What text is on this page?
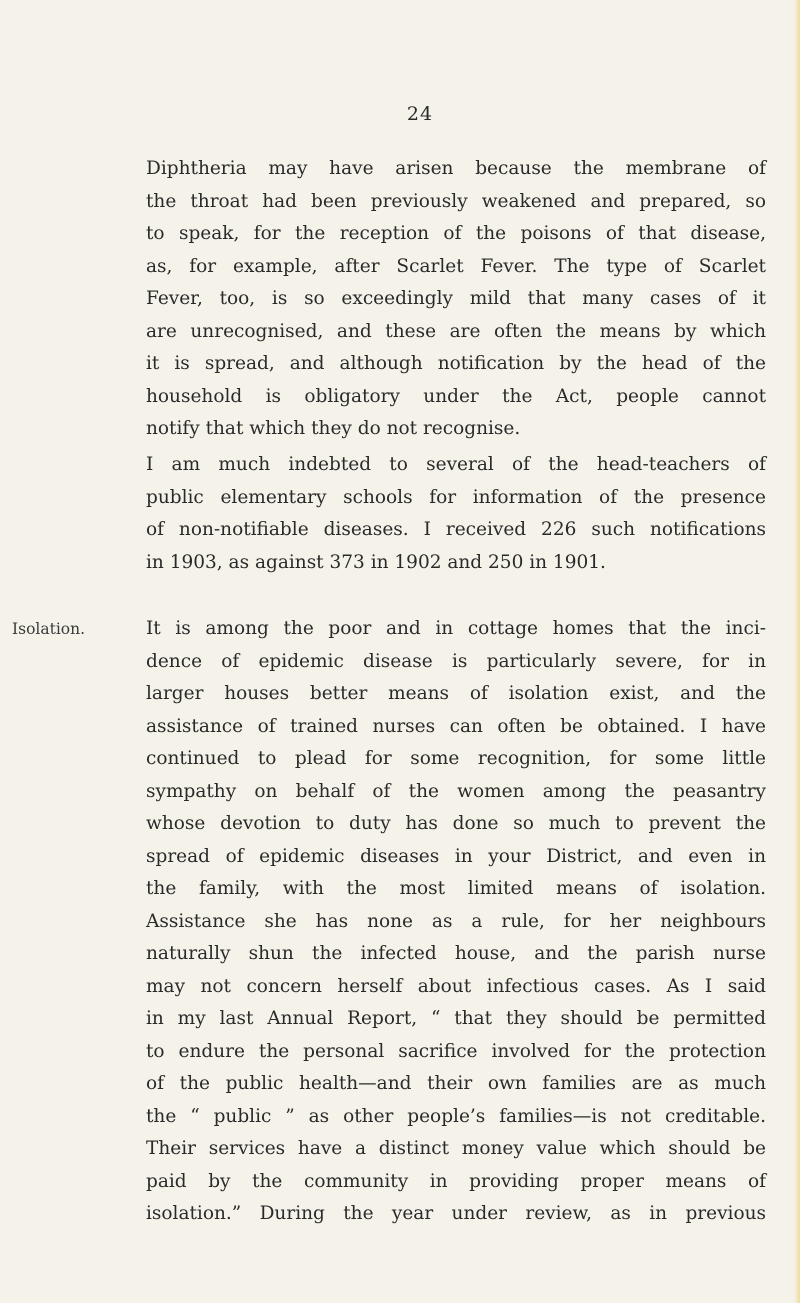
24
Isolation.
Diphtheria may have arisen because the membrane of
the throat had been previously weakened and prepared, so
to speak, for the reception of the poisons of that disease,
as, for example, after Scarlet Fever. The type of Scarlet
Fever, too, is so exceedingly mild that many cases of it
are unrecognised, and these are often the means by which
it is spread, and although notification by the head of the
household is obligatory under the Act, people cannot
notify that which they do not recognise.
I am much indebted to several of the head-teachers of
public elementary schools for information of the presence
of non-notifiable diseases. I received 226 such notifications
in 1903, as against 373 in 1902 and 250 in 1901.
It is among the poor and in cottage homes that the inci-
dence of epidemic disease is particularly severe, for in
larger houses better means of isolation exist, and the
assistance of trained nurses can often be obtained. I have
continued to plead for some recognition, for some little
sympathy on behalf of the women among the peasantry
whose devotion to duty has done so much to prevent the
spread of epidemic diseases in your District, and even in
the family, with the most limited means of isolation.
Assistance she has none as a rule, for her neighbours
naturally shun the infected house, and the parish nurse
may not concern herself about infectious cases. As I said
in my last Annual Report, “ that they should be permitted
to endure the personal sacrifice involved for the protection
of the public health—and their own families are as much
the “ public ” as other people’s families—is not creditable.
Their services have a distinct money value which should be
paid by the community in providing proper means of
isolation.” During the year under review, as in previous
